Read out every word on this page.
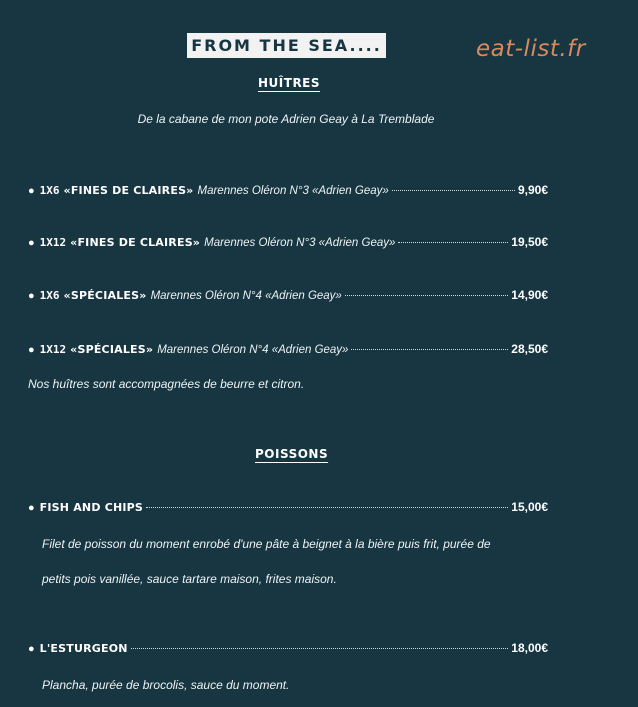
FROM THE SEA....	eat-list.fr
HUÎTRES
De la cabane de mon pote Adrien Geay à La Tremblade
● 1X6 «FINES DE CLAIRES» Marennes Oléron N°3 «Adrien Geay»	9,90€
● 1X12 «FINES DE CLAIRES» Marennes Oléron N°3 «Adrien Geay»	19,50€
● 1X6 «SPÉCIALES» Marennes Oléron N°4 «Adrien Geay»	14,90€
● 1X12 «SPÉCIALES» Marennes Oléron N°4 «Adrien Geay»	28,50€
Nos huîtres sont accompagnées de beurre et citron.
POISSONS
● FISH AND CHIPS	15,00€
Filet de poisson du moment enrobé d'une pâte à beignet à la bière puis frit, purée de
petits pois vanillée, sauce tartare maison, frites maison.
● L'ESTURGEON	18,00€
Plancha, purée de brocolis, sauce du moment.
